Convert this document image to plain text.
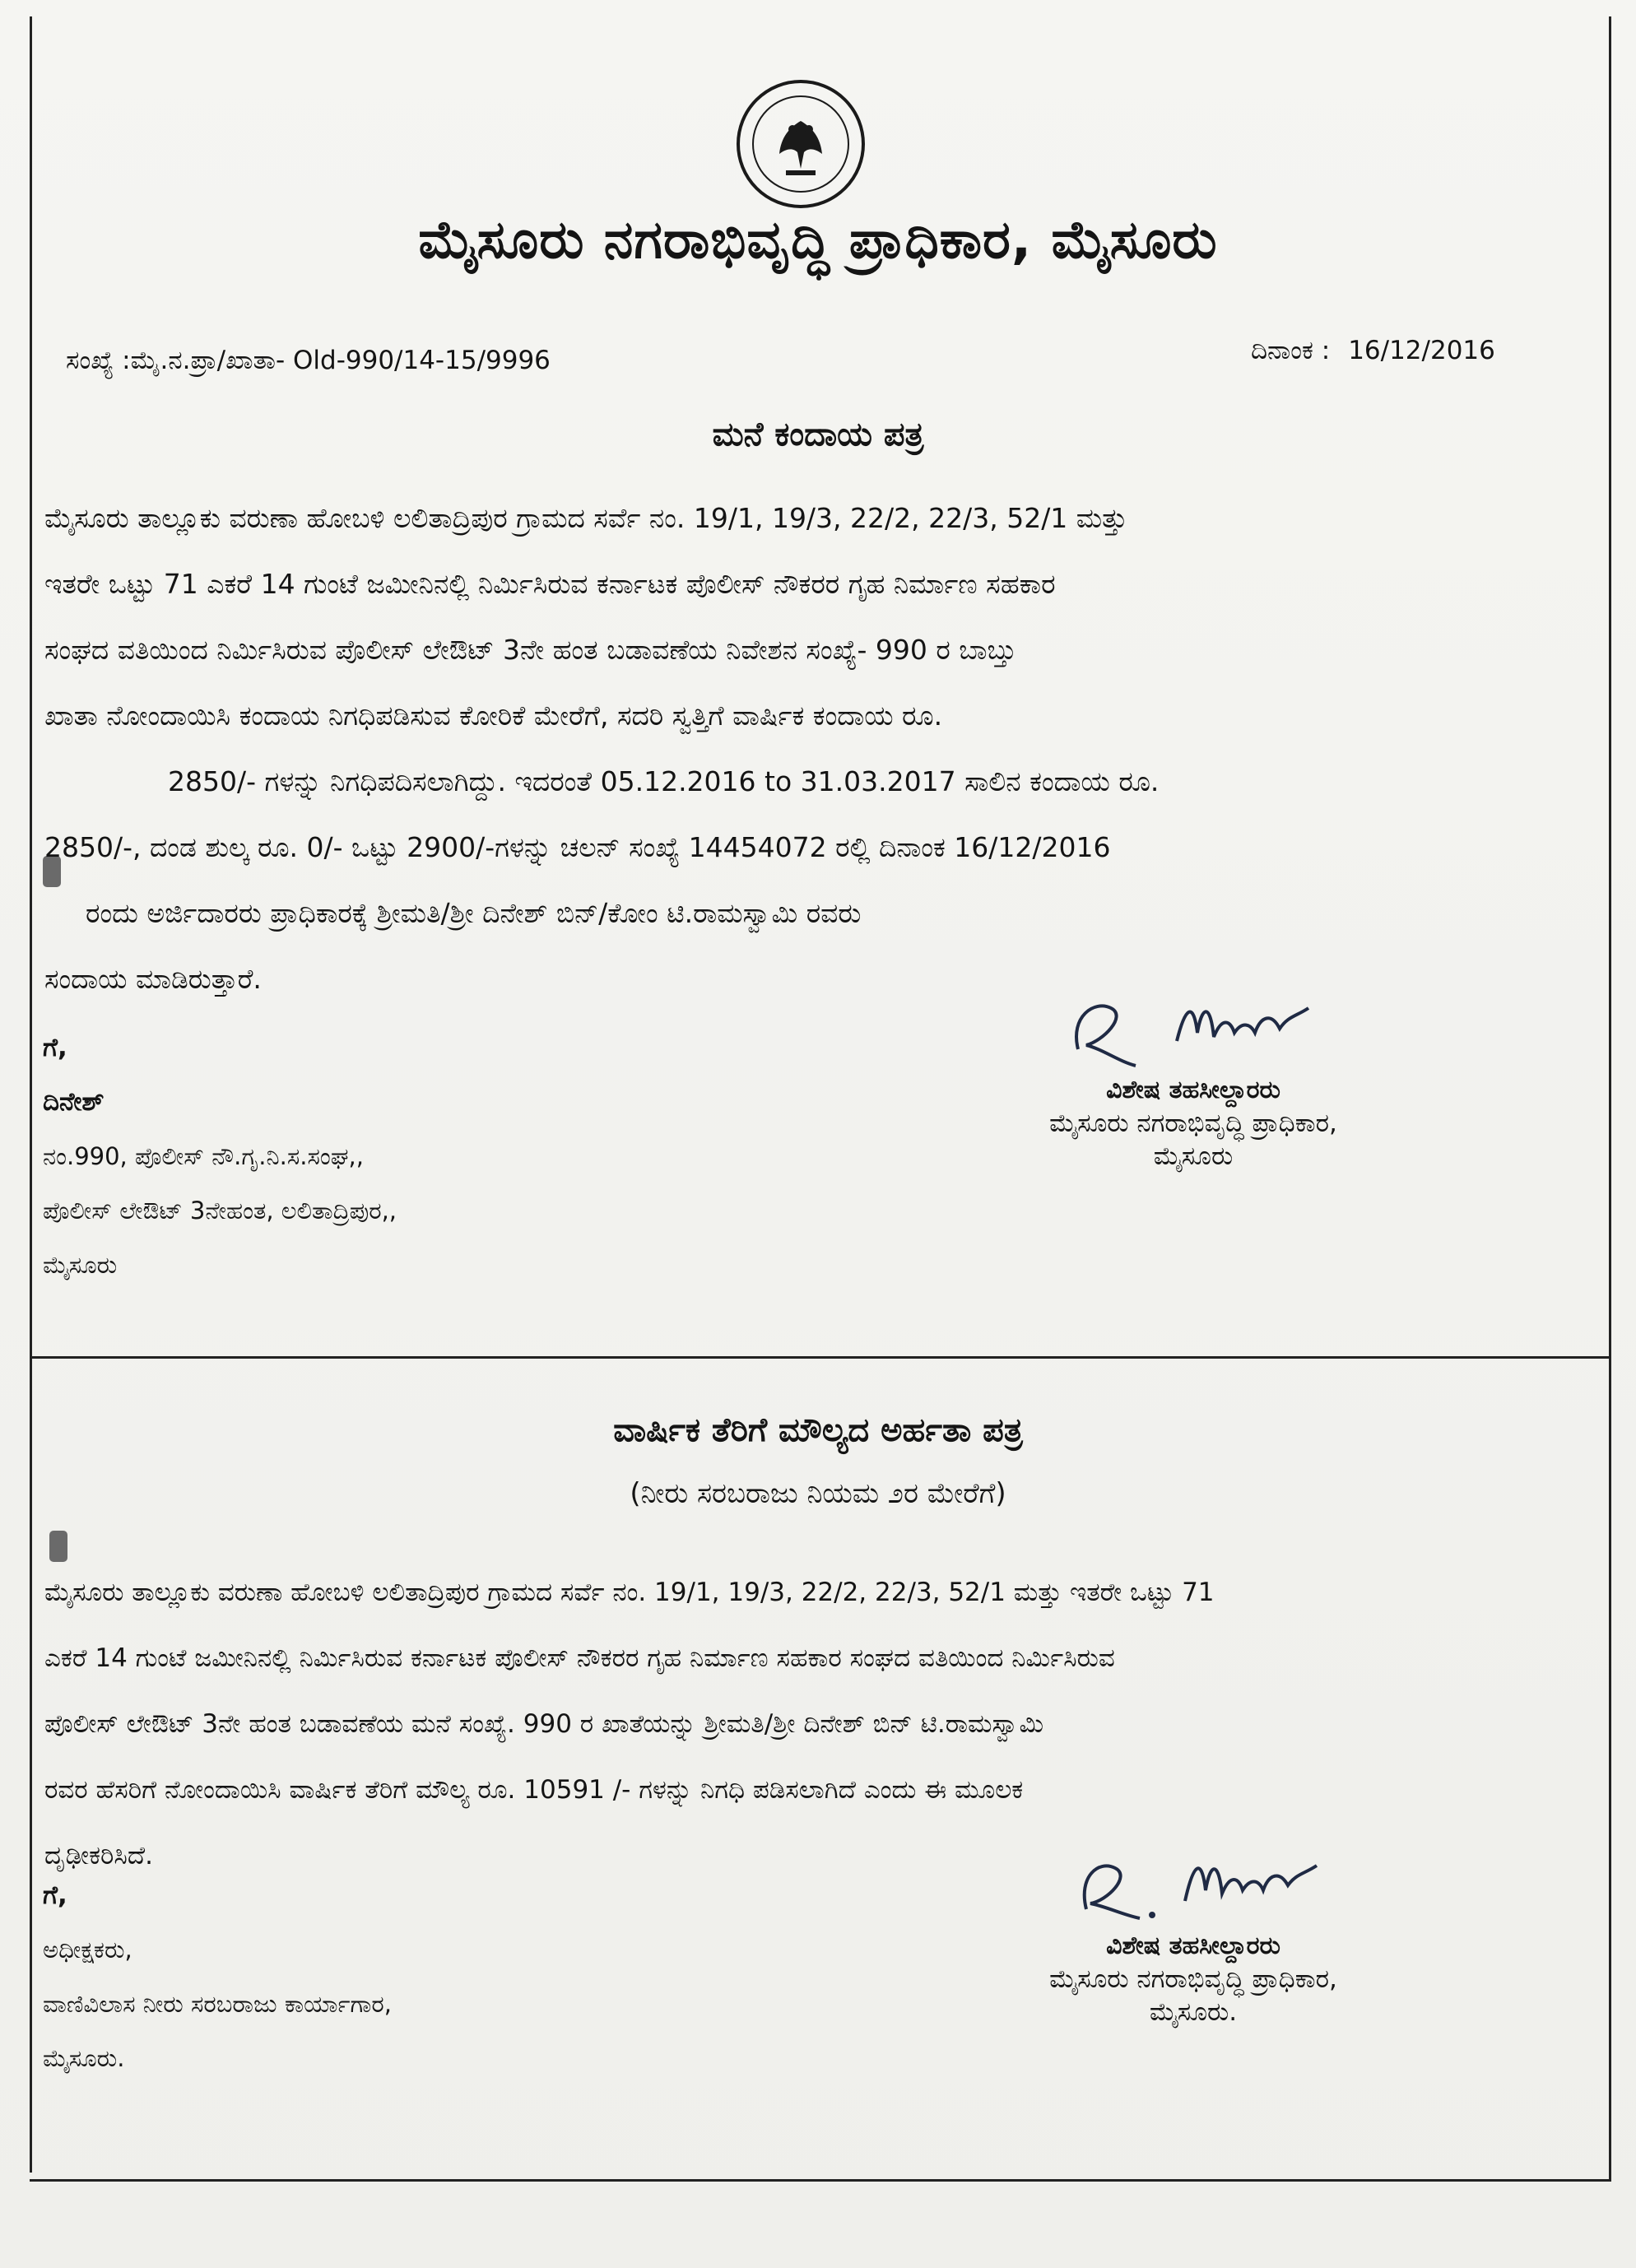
ಮೈಸೂರು ನಗರಾಭಿವೃದ್ಧಿ ಪ್ರಾಧಿಕಾರ, ಮೈಸೂರು
ಸಂಖ್ಯೆ :ಮೈ.ನ.ಪ್ರಾ/ಖಾತಾ- Old-990/14-15/9996	ದಿನಾಂಕ : 16/12/2016
ಮನೆ ಕಂದಾಯ ಪತ್ರ
ಮೈಸೂರು ತಾಲ್ಲೂಕು ವರುಣಾ ಹೋಬಳಿ ಲಲಿತಾದ್ರಿಪುರ ಗ್ರಾಮದ ಸರ್ವೆ ನಂ. 19/1, 19/3, 22/2, 22/3, 52/1 ಮತ್ತು
ಇತರೇ ಒಟ್ಟು 71 ಎಕರೆ 14 ಗುಂಟೆ ಜಮೀನಿನಲ್ಲಿ ನಿರ್ಮಿಸಿರುವ ಕರ್ನಾಟಕ ಪೊಲೀಸ್ ನೌಕರರ ಗೃಹ ನಿರ್ಮಾಣ ಸಹಕಾರ
ಸಂಘದ ವತಿಯಿಂದ ನಿರ್ಮಿಸಿರುವ ಪೊಲೀಸ್ ಲೇಔಟ್ 3ನೇ ಹಂತ ಬಡಾವಣೆಯ ನಿವೇಶನ ಸಂಖ್ಯೆ- 990 ರ ಬಾಬ್ತು
ಖಾತಾ ನೋಂದಾಯಿಸಿ ಕಂದಾಯ ನಿಗಧಿಪಡಿಸುವ ಕೋರಿಕೆ ಮೇರೆಗೆ, ಸದರಿ ಸ್ವತ್ತಿಗೆ ವಾರ್ಷಿಕ ಕಂದಾಯ ರೂ.
2850/- ಗಳನ್ನು ನಿಗಧಿಪದಿಸಲಾಗಿದ್ದು. ಇದರಂತೆ 05.12.2016 to 31.03.2017 ಸಾಲಿನ ಕಂದಾಯ ರೂ.
2850/-, ದಂಡ ಶುಲ್ಕ ರೂ. 0/- ಒಟ್ಟು 2900/-ಗಳನ್ನು ಚಲನ್ ಸಂಖ್ಯೆ 14454072 ರಲ್ಲಿ ದಿನಾಂಕ 16/12/2016
ರಂದು ಅರ್ಜಿದಾರರು ಪ್ರಾಧಿಕಾರಕ್ಕೆ ಶ್ರೀಮತಿ/ಶ್ರೀ ದಿನೇಶ್ ಬಿನ್/ಕೋಂ ಟಿ.ರಾಮಸ್ವಾಮಿ ರವರು
ಸಂದಾಯ ಮಾಡಿರುತ್ತಾರೆ.
ಗೆ,
ದಿನೇಶ್
ನಂ.990, ಪೊಲೀಸ್ ನೌ.ಗೃ.ನಿ.ಸ.ಸಂಘ,,
ಪೊಲೀಸ್ ಲೇಔಟ್ 3ನೇಹಂತ, ಲಲಿತಾದ್ರಿಪುರ,,
ಮೈಸೂರು
ವಿಶೇಷ ತಹಸೀಲ್ದಾರರು
ಮೈಸೂರು ನಗರಾಭಿವೃದ್ಧಿ ಪ್ರಾಧಿಕಾರ,
ಮೈಸೂರು
ವಾರ್ಷಿಕ ತೆರಿಗೆ ಮೌಲ್ಯದ ಅರ್ಹತಾ ಪತ್ರ
(ನೀರು ಸರಬರಾಜು ನಿಯಮ ೨ರ ಮೇರೆಗೆ)
ಮೈಸೂರು ತಾಲ್ಲೂಕು ವರುಣಾ ಹೋಬಳಿ ಲಲಿತಾದ್ರಿಪುರ ಗ್ರಾಮದ ಸರ್ವೆ ನಂ. 19/1, 19/3, 22/2, 22/3, 52/1 ಮತ್ತು ಇತರೇ ಒಟ್ಟು 71
ಎಕರೆ 14 ಗುಂಟೆ ಜಮೀನಿನಲ್ಲಿ ನಿರ್ಮಿಸಿರುವ ಕರ್ನಾಟಕ ಪೊಲೀಸ್ ನೌಕರರ ಗೃಹ ನಿರ್ಮಾಣ ಸಹಕಾರ ಸಂಘದ ವತಿಯಿಂದ ನಿರ್ಮಿಸಿರುವ
ಪೊಲೀಸ್ ಲೇಔಟ್ 3ನೇ ಹಂತ ಬಡಾವಣೆಯ ಮನೆ ಸಂಖ್ಯೆ. 990 ರ ಖಾತೆಯನ್ನು ಶ್ರೀಮತಿ/ಶ್ರೀ ದಿನೇಶ್ ಬಿನ್ ಟಿ.ರಾಮಸ್ವಾಮಿ
ರವರ ಹೆಸರಿಗೆ ನೋಂದಾಯಿಸಿ ವಾರ್ಷಿಕ ತೆರಿಗೆ ಮೌಲ್ಯ ರೂ. 10591 /- ಗಳನ್ನು ನಿಗಧಿ ಪಡಿಸಲಾಗಿದೆ ಎಂದು ಈ ಮೂಲಕ
ದೃಢೀಕರಿಸಿದೆ.
ಗೆ,
ಅಧೀಕ್ಷಕರು,
ವಾಣಿವಿಲಾಸ ನೀರು ಸರಬರಾಜು ಕಾರ್ಯಾಗಾರ,
ಮೈಸೂರು.
ವಿಶೇಷ ತಹಸೀಲ್ದಾರರು
ಮೈಸೂರು ನಗರಾಭಿವೃದ್ಧಿ ಪ್ರಾಧಿಕಾರ,
ಮೈಸೂರು.
